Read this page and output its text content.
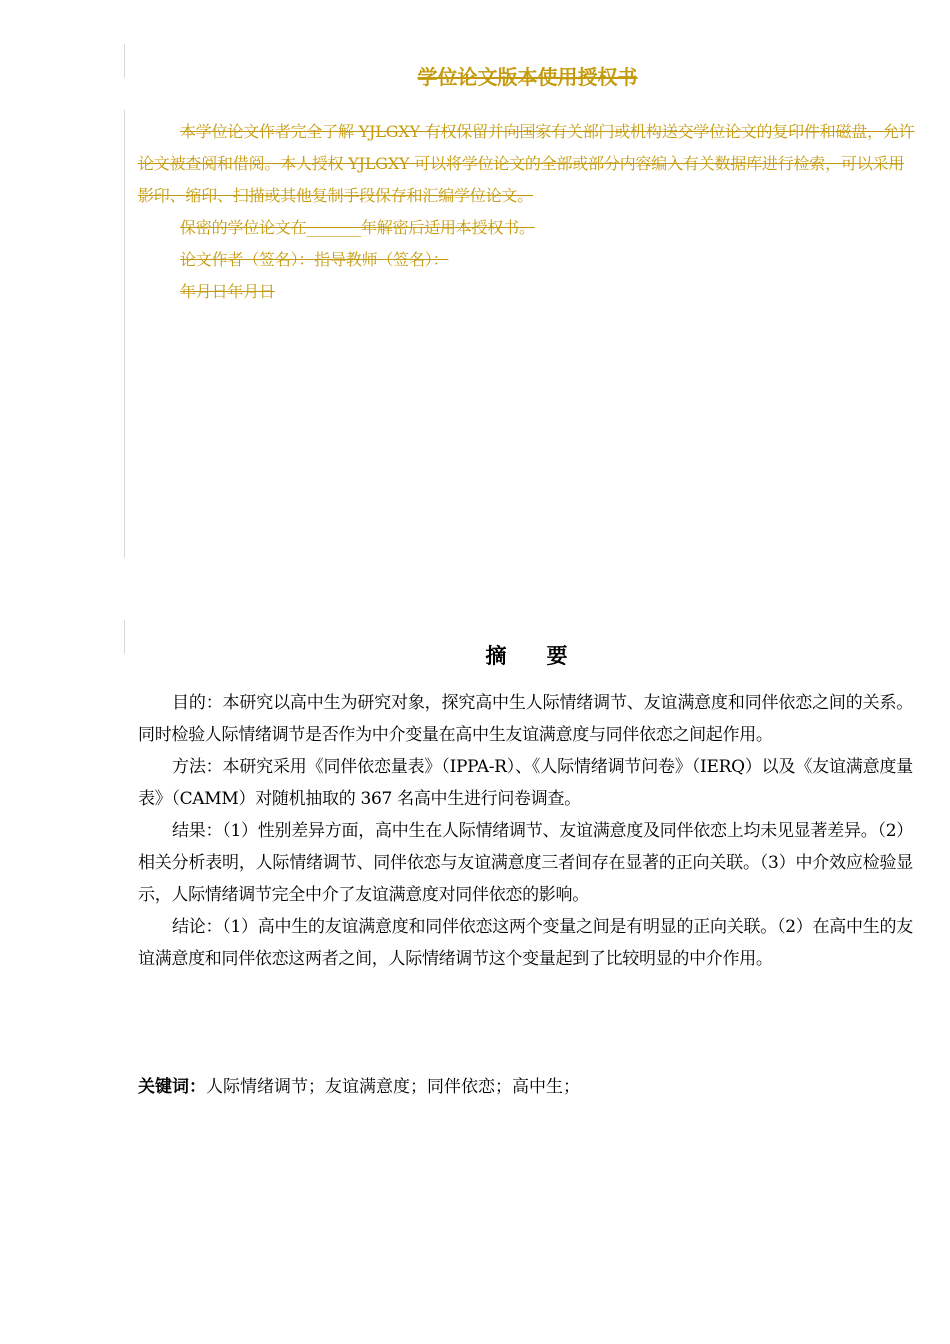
学位论文版本使用授权书

本学位论文作者完全了解 YJLGXY 有权保留并向国家有关部门或机构送交学位论文的复印件和磁盘，允许论文被查阅和借阅。本人授权 YJLGXY 可以将学位论文的全部或部分内容编入有关数据库进行检索，可以采用影印、缩印、扫描或其他复制手段保存和汇编学位论文。

保密的学位论文在_______年解密后适用本授权书。

论文作者（签名）：指导教师（签名）：

年月日年月日

摘要

目的：本研究以高中生为研究对象，探究高中生人际情绪调节、友谊满意度和同伴依恋之间的关系。同时检验人际情绪调节是否作为中介变量在高中生友谊满意度与同伴依恋之间起作用。

方法：本研究采用《同伴依恋量表》（IPPA-R）、《人际情绪调节问卷》（IERQ）以及《友谊满意度量表》（CAMM）对随机抽取的 367 名高中生进行问卷调查。

结果：（1）性别差异方面，高中生在人际情绪调节、友谊满意度及同伴依恋上均未见显著差异。（2）相关分析表明，人际情绪调节、同伴依恋与友谊满意度三者间存在显著的正向关联。（3）中介效应检验显示，人际情绪调节完全中介了友谊满意度对同伴依恋的影响。

结论：（1）高中生的友谊满意度和同伴依恋这两个变量之间是有明显的正向关联。（2）在高中生的友谊满意度和同伴依恋这两者之间，人际情绪调节这个变量起到了比较明显的中介作用。

关键词：人际情绪调节；友谊满意度；同伴依恋；高中生；
